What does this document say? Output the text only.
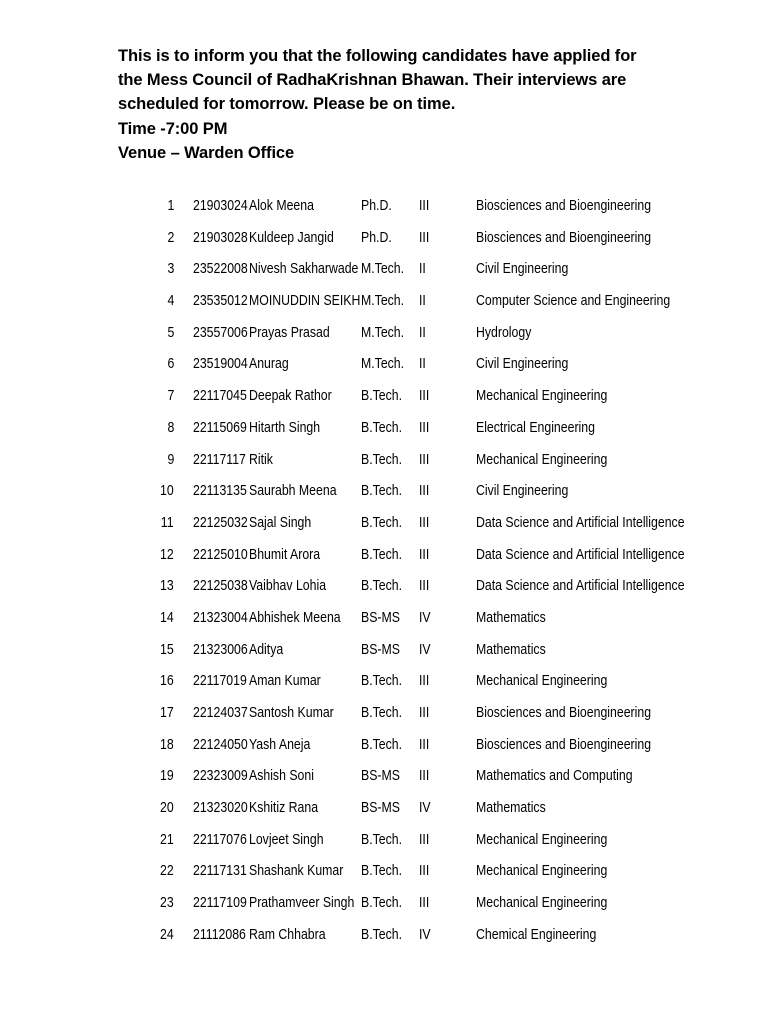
This is to inform you that the following candidates have applied for
the Mess Council of RadhaKrishnan Bhawan. Their interviews are
scheduled for tomorrow. Please be on time.
Time -7:00 PM
Venue – Warden Office
1 21903024 Alok Meena	Ph.D. III	Biosciences and Bioengineering
2 21903028 Kuldeep Jangid Ph.D. III	Biosciences and Bioengineering
3 23522008 Nivesh Sakharwade M.Tech. II	Civil Engineering
4 23535012 MOINUDDIN SEIKH M.Tech. II	Computer Science and Engineering
5 23557006 Prayas Prasad M.Tech. II	Hydrology
6 23519004 Anurag	M.Tech. II	Civil Engineering
7 22117045 Deepak Rathor B.Tech. III	Mechanical Engineering
8 22115069 Hitarth Singh	B.Tech. III	Electrical Engineering
9 22117117 Ritik	B.Tech. III	Mechanical Engineering
10 22113135 Saurabh Meena B.Tech. III	Civil Engineering
11 22125032 Sajal Singh	B.Tech. III	Data Science and Artificial Intelligence
12 22125010 Bhumit Arora	B.Tech. III	Data Science and Artificial Intelligence
13 22125038 Vaibhav Lohia B.Tech. III	Data Science and Artificial Intelligence
14 21323004 Abhishek Meena BS-MS IV	Mathematics
15 21323006 Aditya	BS-MS IV	Mathematics
16 22117019 Aman Kumar	B.Tech. III	Mechanical Engineering
17 22124037 Santosh Kumar B.Tech. III	Biosciences and Bioengineering
18 22124050 Yash Aneja	B.Tech. III	Biosciences and Bioengineering
19 22323009 Ashish Soni	BS-MS III	Mathematics and Computing
20 21323020 Kshitiz Rana	BS-MS IV	Mathematics
21 22117076 Lovjeet Singh B.Tech. III	Mechanical Engineering
22 22117131 Shashank Kumar B.Tech. III	Mechanical Engineering
23 22117109 Prathamveer Singh B.Tech. III	Mechanical Engineering
24 21112086 Ram Chhabra B.Tech. IV	Chemical Engineering
